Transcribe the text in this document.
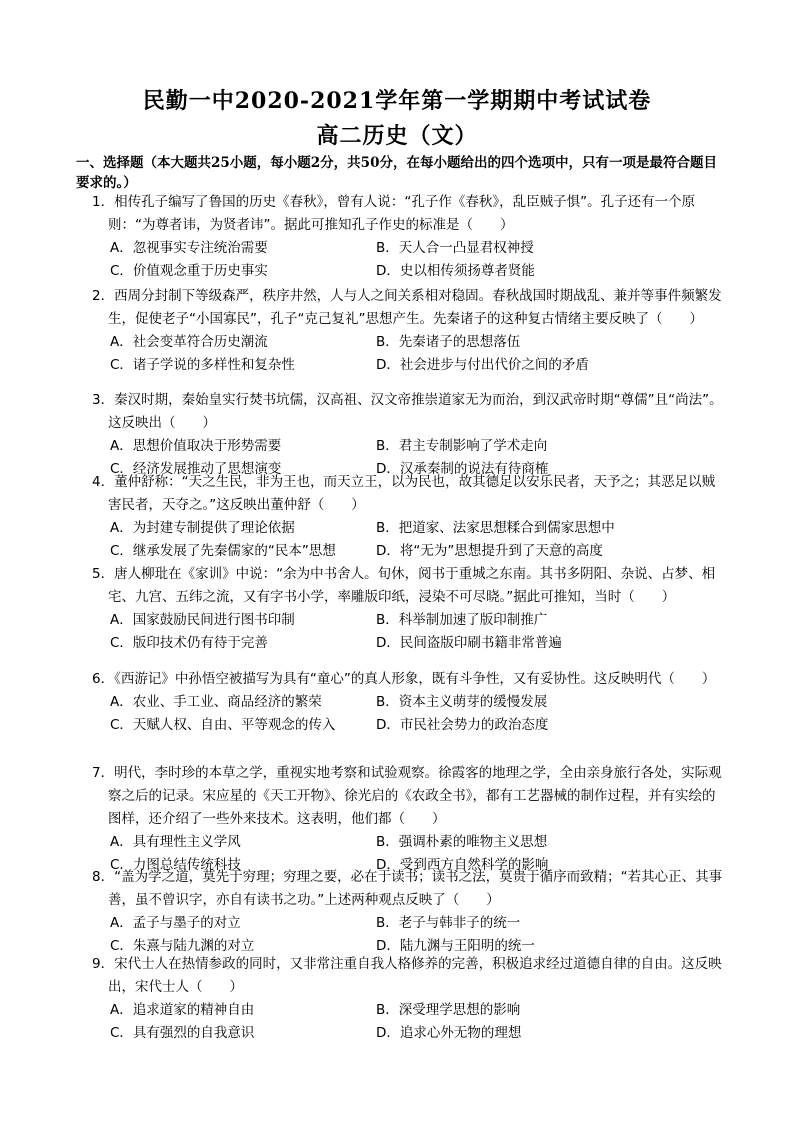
民勤一中2020-2021学年第一学期期中考试试卷
高二历史（文）
一、选择题（本大题共25小题，每小题2分，共50分，在每小题给出的四个选项中，只有一项是最符合题目要求的。）
1．相传孔子编写了鲁国的历史《春秋》，曾有人说：“孔子作《春秋》，乱臣贼子惧”。孔子还有一个原则：“为尊者讳，为贤者讳”。据此可推知孔子作史的标准是（　　）
A．忽视事实专注统治需要	B．天人合一凸显君权神授
C．价值观念重于历史事实	D．史以相传须扬尊者贤能
2．西周分封制下等级森严，秩序井然，人与人之间关系相对稳固。春秋战国时期战乱、兼并等事件频繁发生，促使老子“小国寡民”，孔子“克己复礼”思想产生。先秦诸子的这种复古情绪主要反映了（　　）
A．社会变革符合历史潮流	B．先秦诸子的思想落伍
C．诸子学说的多样性和复杂性	D．社会进步与付出代价之间的矛盾
3．秦汉时期，秦始皇实行焚书坑儒，汉高祖、汉文帝推崇道家无为而治，到汉武帝时期“尊儒”且“尚法”。这反映出（　　）
A．思想价值取决于形势需要	B．君主专制影响了学术走向
C．经济发展推动了思想演变	D．汉承秦制的说法有待商榷
4．董仲舒称：“天之生民，非为王也，而天立王，以为民也，故其德足以安乐民者，天予之；其恶足以贼害民者，天夺之。”这反映出董仲舒（　　）
A．为封建专制提供了理论依据	B．把道家、法家思想糅合到儒家思想中
C．继承发展了先秦儒家的“民本”思想	D．将“无为”思想提升到了天意的高度
5．唐人柳玭在《家训》中说：“余为中书舍人。旬休，阅书于重城之东南。其书多阴阳、杂说、占梦、相宅、九宫、五纬之流，又有字书小学，率雕版印纸，浸染不可尽晓。”据此可推知，当时（　　）
A．国家鼓励民间进行图书印制	B．科举制加速了版印制推广
C．版印技术仍有待于完善	D．民间盗版印刷书籍非常普遍
6．《西游记》中孙悟空被描写为具有“童心”的真人形象，既有斗争性，又有妥协性。这反映明代（　　）
A．农业、手工业、商品经济的繁荣	B．资本主义萌芽的缓慢发展
C．天赋人权、自由、平等观念的传入	D．市民社会势力的政治态度
7．明代，李时珍的本草之学，重视实地考察和试验观察。徐霞客的地理之学，全由亲身旅行各处，实际观察之后的记录。宋应星的《天工开物》、徐光启的《农政全书》，都有工艺器械的制作过程，并有实绘的图样，还介绍了一些外来技术。这表明，他们都（　　）
A．具有理性主义学风	B．强调朴素的唯物主义思想
C．力图总结传统科技	D．受到西方自然科学的影响
8．“盖为学之道，莫先于穷理；穷理之要，必在于读书；读书之法，莫贵于循序而致精；“若其心正、其事善，虽不曾识字，亦自有读书之功。”上述两种观点反映了（　　）
A．孟子与墨子的对立	B．老子与韩非子的统一
C．朱熹与陆九渊的对立	D．陆九渊与王阳明的统一
9．宋代士人在热情参政的同时，又非常注重自我人格修养的完善，积极追求经过道德自律的自由。这反映出，宋代士人（　　）
A．追求道家的精神自由	B．深受理学思想的影响
C．具有强烈的自我意识	D．追求心外无物的理想
